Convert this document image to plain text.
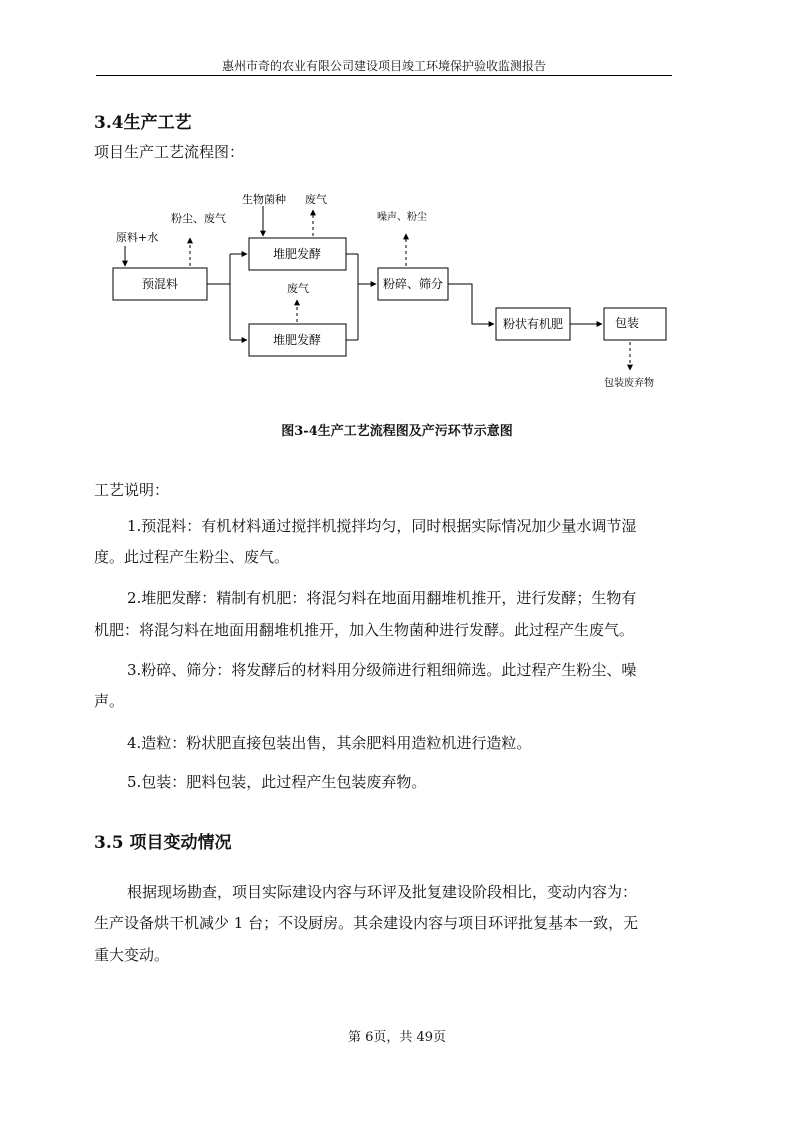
惠州市奇的农业有限公司建设项目竣工环境保护验收监测报告
3.4生产工艺
项目生产工艺流程图：
预混料
堆肥发酵
堆肥发酵
粉碎、筛分
粉状有机肥	包装
原料+水
粉尘、废气
生物菌种 废气
废气
噪声、粉尘
包装废弃物
图3-4生产工艺流程图及产污环节示意图
工艺说明：
1.预混料：有机材料通过搅拌机搅拌均匀，同时根据实际情况加少量水调节湿
度。此过程产生粉尘、废气。
2.堆肥发酵：精制有机肥：将混匀料在地面用翻堆机推开，进行发酵；生物有
机肥：将混匀料在地面用翻堆机推开，加入生物菌种进行发酵。此过程产生废气。
3.粉碎、筛分：将发酵后的材料用分级筛进行粗细筛选。此过程产生粉尘、噪
声。
4.造粒：粉状肥直接包装出售，其余肥料用造粒机进行造粒。
5.包装：肥料包装，此过程产生包装废弃物。
3.5 项目变动情况
根据现场勘查，项目实际建设内容与环评及批复建设阶段相比，变动内容为：
生产设备烘干机减少 1 台；不设厨房。其余建设内容与项目环评批复基本一致，无
重大变动。
第 6页，共 49页
